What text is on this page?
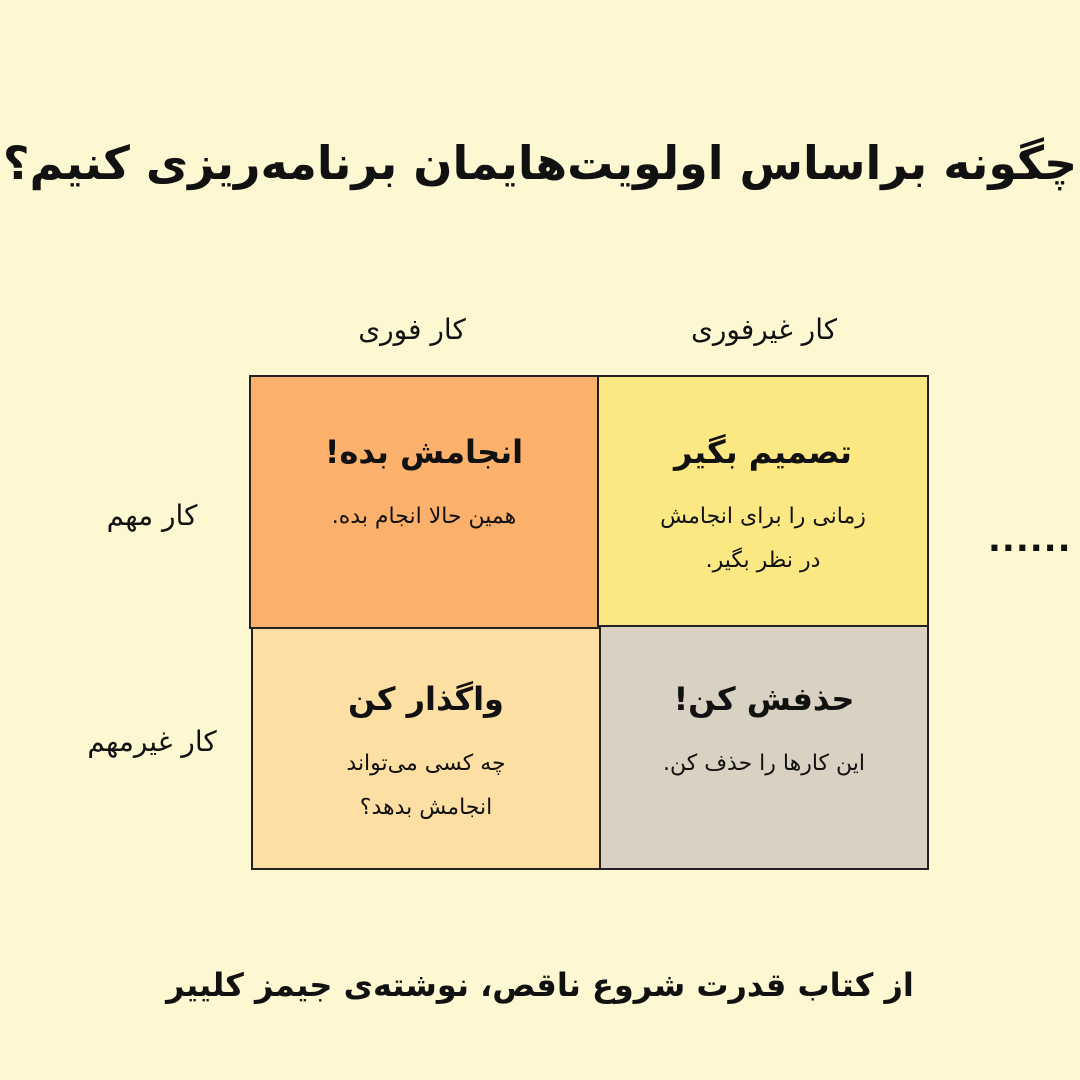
چگونه براساس اولویت‌هایمان برنامه‌ریزی کنیم؟
کار فوری	کار غیرفوری
کار مهم
کار غیرمهم

انجامش بده!

همین حالا انجام بده.

تصمیم بگیر

زمانی را برای انجامش در نظر بگیر.

واگذار کن

چه کسی می‌تواند انجامش بدهد؟

حذفش کن!

این کارها را حذف کن.

......
از کتاب قدرت شروع ناقص، نوشته‌ی جیمز کلییر
